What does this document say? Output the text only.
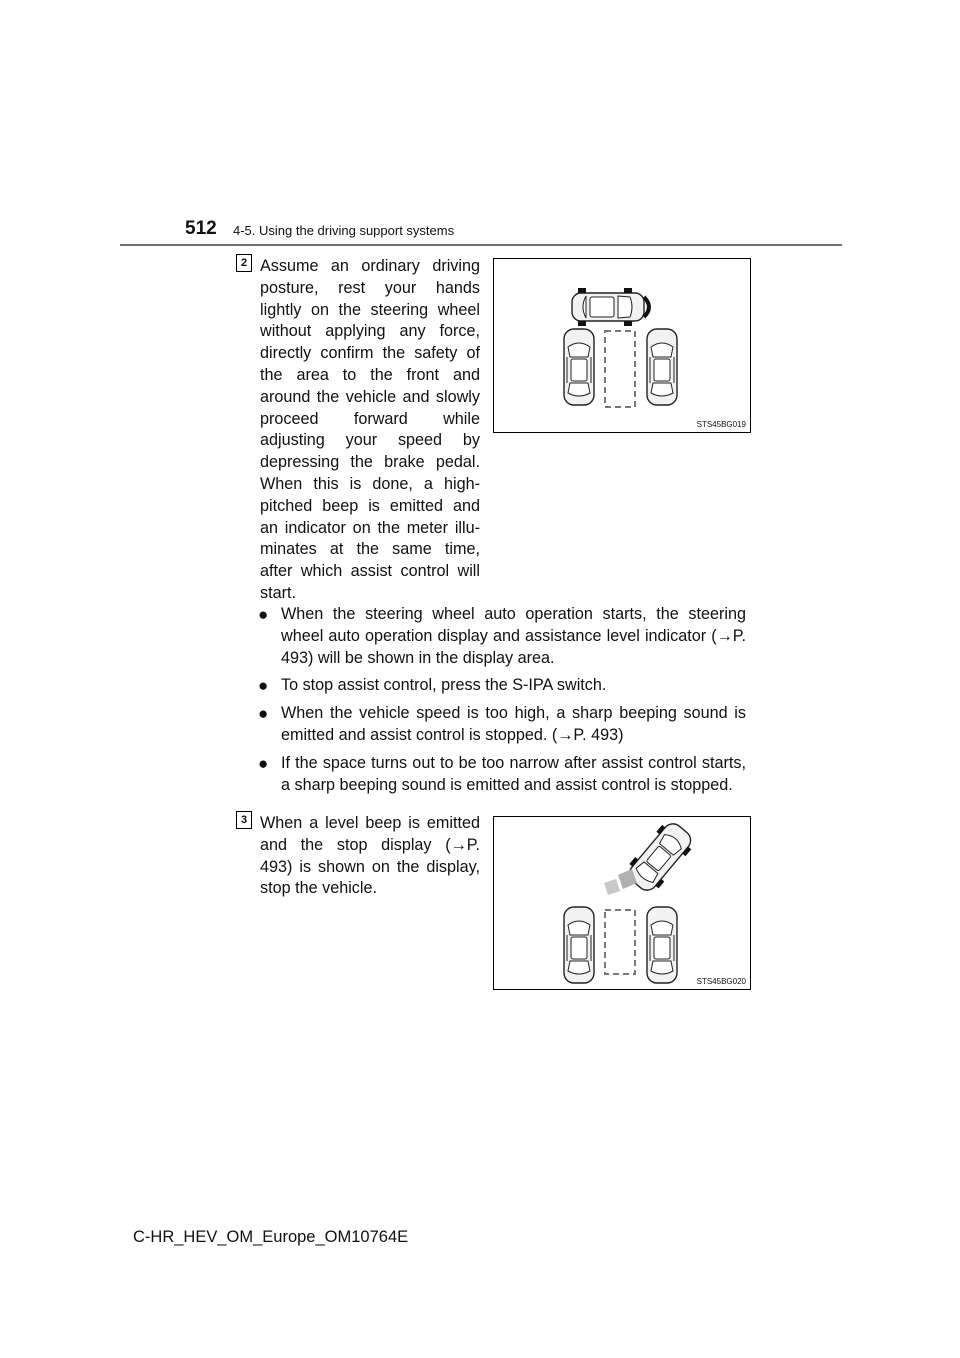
512 4-5. Using the driving support systems
2 Assume an ordinary driving posture, rest your hands lightly on the steering wheel without applying any force, directly confirm the safety of the area to the front and around the vehicle and slowly proceed forward while adjusting your speed by depressing the brake pedal. When this is done, a high-pitched beep is emitted and an indicator on the meter illu-minates at the same time, after which assist control will start.

STS45BG019
● When the steering wheel auto operation starts, the steering wheel auto operation display and assistance level indicator (→P. 493) will be shown in the display area.
● To stop assist control, press the S-IPA switch.
● When the vehicle speed is too high, a sharp beeping sound is emitted and assist control is stopped. (→P. 493)
● If the space turns out to be too narrow after assist control starts, a sharp beeping sound is emitted and assist control is stopped.
3 When a level beep is emitted and the stop display (→P. 493) is shown on the display, stop the vehicle.

STS45BG020
C-HR_HEV_OM_Europe_OM10764E
